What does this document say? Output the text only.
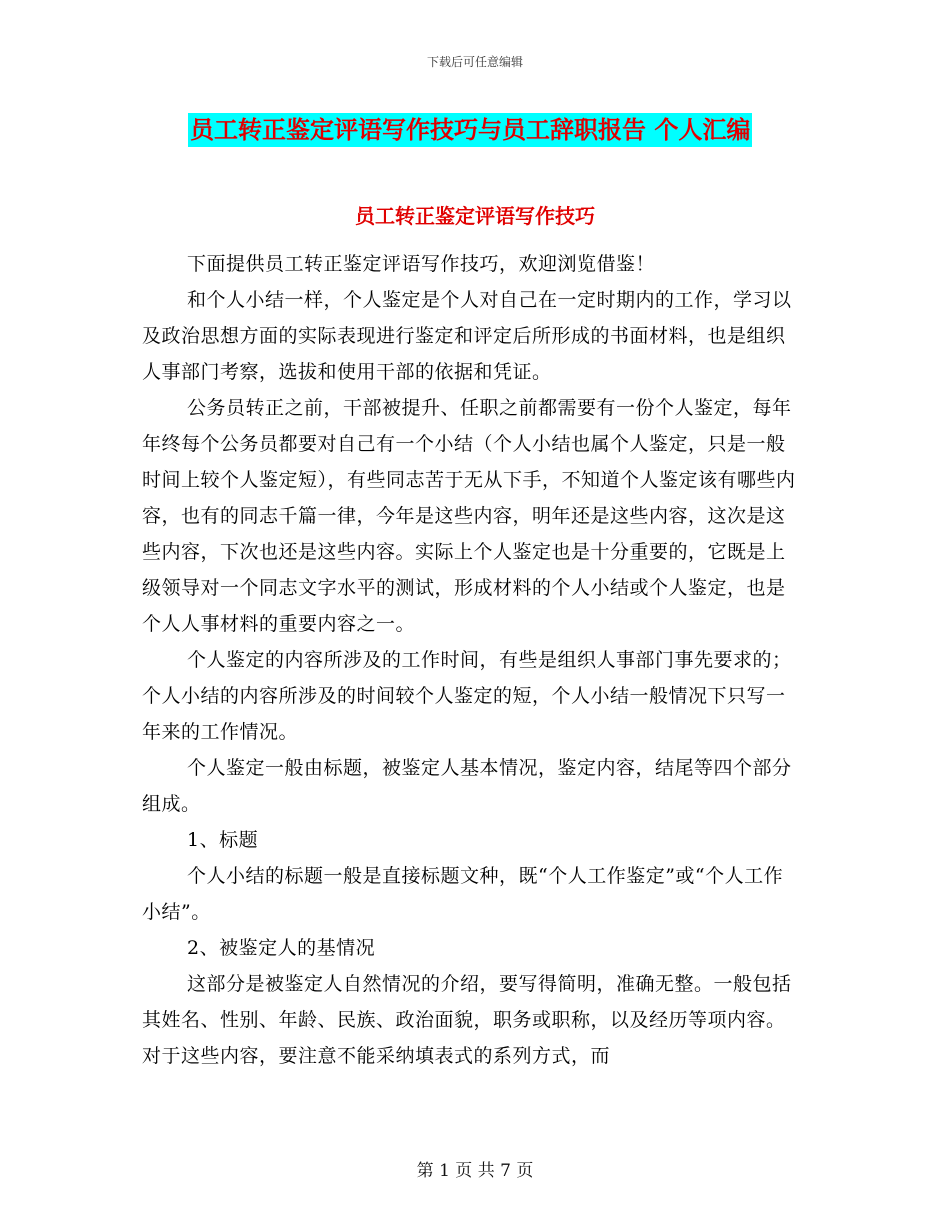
下载后可任意编辑
员工转正鉴定评语写作技巧与员工辞职报告 个人汇编
员工转正鉴定评语写作技巧

下面提供员工转正鉴定评语写作技巧，欢迎浏览借鉴！

和个人小结一样，个人鉴定是个人对自己在一定时期内的工作，学习以及政治思想方面的实际表现进行鉴定和评定后所形成的书面材料，也是组织人事部门考察，选拔和使用干部的依据和凭证。

公务员转正之前，干部被提升、任职之前都需要有一份个人鉴定，每年年终每个公务员都要对自己有一个小结（个人小结也属个人鉴定，只是一般时间上较个人鉴定短），有些同志苦于无从下手，不知道个人鉴定该有哪些内容，也有的同志千篇一律，今年是这些内容，明年还是这些内容，这次是这些内容，下次也还是这些内容。实际上个人鉴定也是十分重要的，它既是上级领导对一个同志文字水平的测试，形成材料的个人小结或个人鉴定，也是个人人事材料的重要内容之一。

个人鉴定的内容所涉及的工作时间，有些是组织人事部门事先要求的；个人小结的内容所涉及的时间较个人鉴定的短，个人小结一般情况下只写一年来的工作情况。

个人鉴定一般由标题，被鉴定人基本情况，鉴定内容，结尾等四个部分组成。

1、标题

个人小结的标题一般是直接标题文种，既“个人工作鉴定”或“个人工作小结”。

2、被鉴定人的基情况

这部分是被鉴定人自然情况的介绍，要写得简明，准确无整。一般包括其姓名、性别、年龄、民族、政治面貌，职务或职称，以及经历等项内容。对于这些内容，要注意不能采纳填表式的系列方式，而

第 1 页 共 7 页
